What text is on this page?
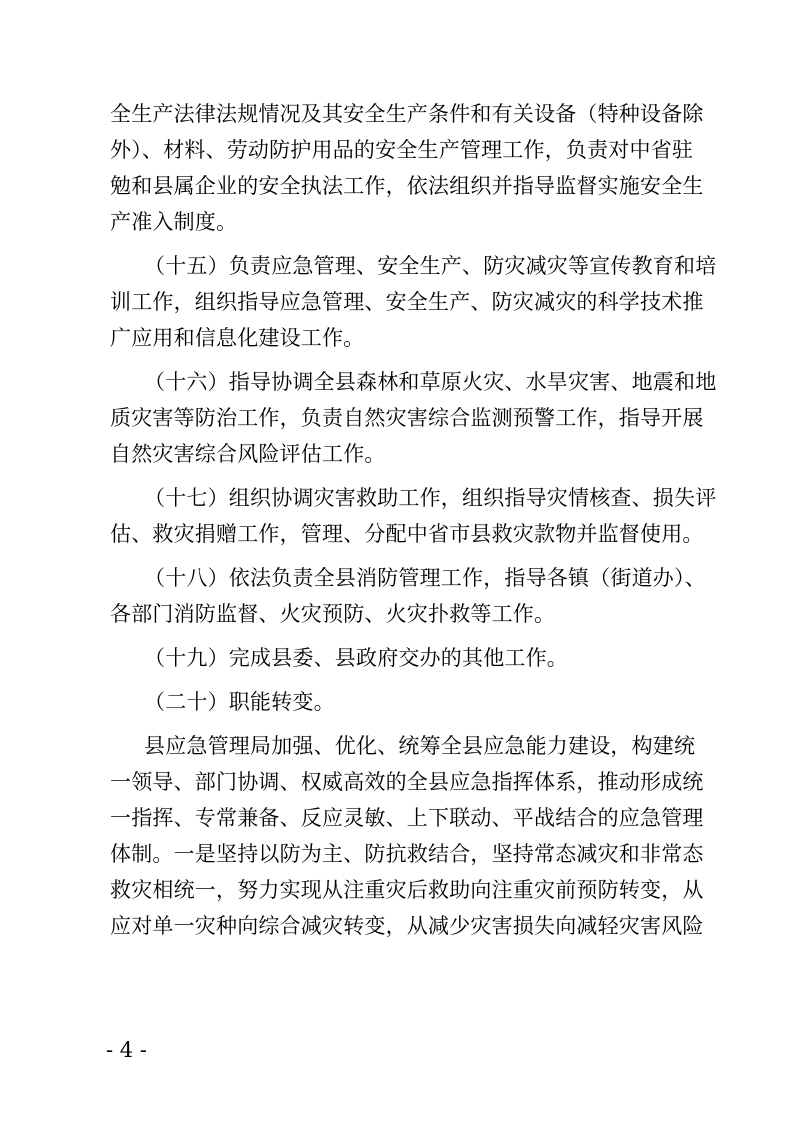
全生产法律法规情况及其安全生产条件和有关设备（特种设备除
外）、材料、劳动防护用品的安全生产管理工作，负责对中省驻
勉和县属企业的安全执法工作，依法组织并指导监督实施安全生
产准入制度。
（十五）负责应急管理、安全生产、防灾减灾等宣传教育和培
训工作，组织指导应急管理、安全生产、防灾减灾的科学技术推
广应用和信息化建设工作。
（十六）指导协调全县森林和草原火灾、水旱灾害、地震和地
质灾害等防治工作，负责自然灾害综合监测预警工作，指导开展
自然灾害综合风险评估工作。
（十七）组织协调灾害救助工作，组织指导灾情核查、损失评
估、救灾捐赠工作，管理、分配中省市县救灾款物并监督使用。
（十八）依法负责全县消防管理工作，指导各镇（街道办）、
各部门消防监督、火灾预防、火灾扑救等工作。
（十九）完成县委、县政府交办的其他工作。
（二十）职能转变。
县应急管理局加强、优化、统筹全县应急能力建设，构建统
一领导、部门协调、权威高效的全县应急指挥体系，推动形成统
一指挥、专常兼备、反应灵敏、上下联动、平战结合的应急管理
体制。一是坚持以防为主、防抗救结合，坚持常态减灾和非常态
救灾相统一，努力实现从注重灾后救助向注重灾前预防转变，从
应对单一灾种向综合减灾转变，从减少灾害损失向减轻灾害风险
- 4 -
